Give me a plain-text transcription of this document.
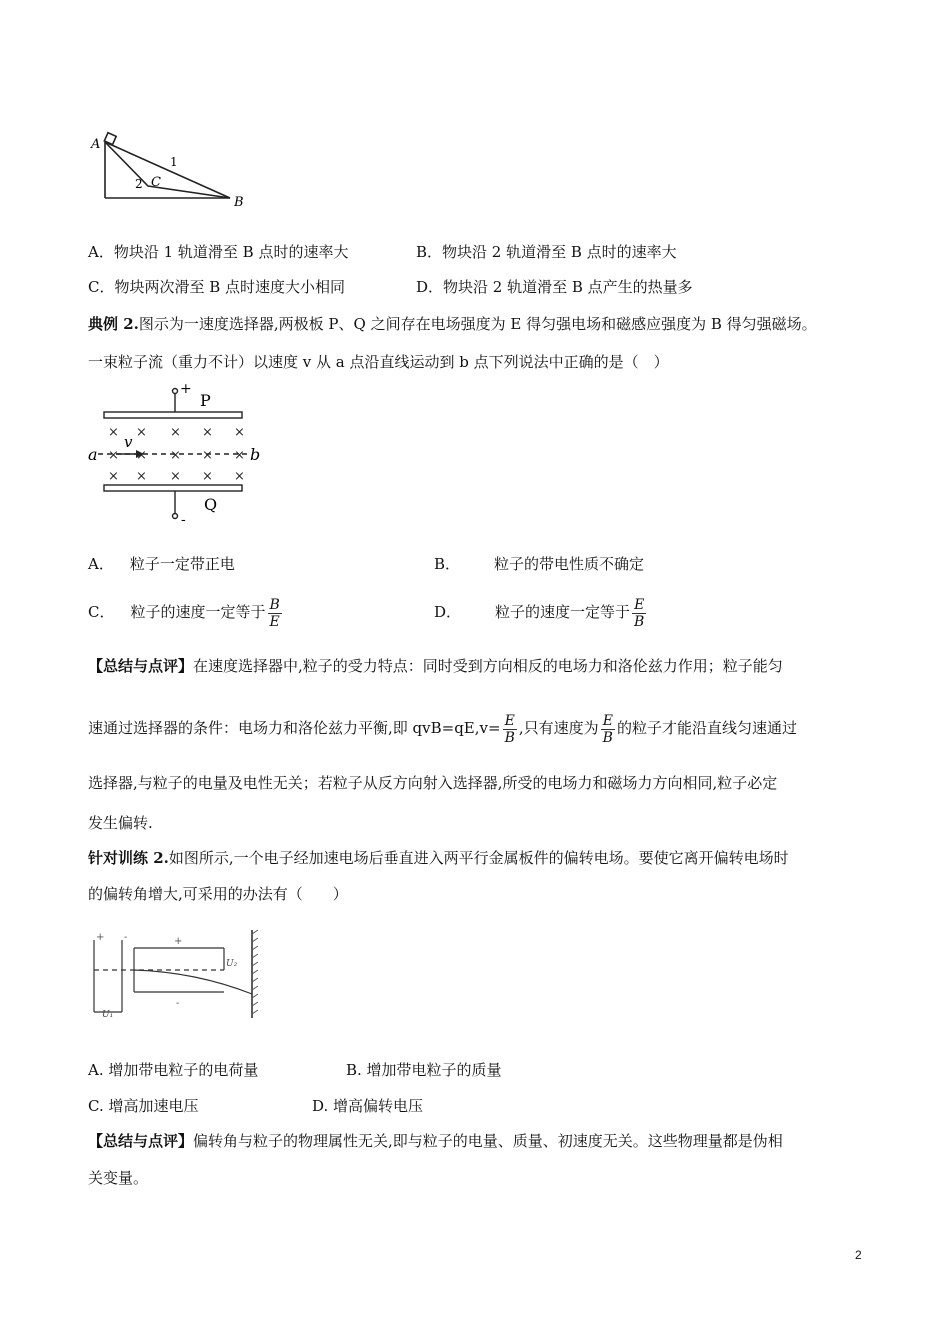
A
B
C
1
2
A．物块沿 1 轨道滑至 B 点时的速率大	B．物块沿 2 轨道滑至 B 点时的速率大
C．物块两次滑至 B 点时速度大小相同	D．物块沿 2 轨道滑至 B 点产生的热量多
典例 2.图示为一速度选择器,两极板 P、Q 之间存在电场强度为 E 得匀强电场和磁感应强度为 B 得匀强磁场。
一束粒子流（重力不计）以速度 v 从 a 点沿直线运动到 b 点下列说法中正确的是（　）
× × × × ×
× × × × ×
× × × × ×
+
-
P
Q
a	b
v
A． 粒子一定带正电	B． 粒子的带电性质不确定
C． 粒子的速度一定等于 $\frac{B}{E}$	D． 粒子的速度一定等于 $\frac{E}{B}$
【总结与点评】在速度选择器中,粒子的受力特点：同时受到方向相反的电场力和洛伦兹力作用；粒子能匀
速通过选择器的条件：电场力和洛伦兹力平衡,即 $qvB=qE,v= \frac{E}{B}$ ,只有速度为 $\frac{E}{B}$ 的粒子才能沿直线匀速通过
选择器,与粒子的电量及电性无关；若粒子从反方向射入选择器,所受的电场力和磁场力方向相同,粒子必定
发生偏转.
针对训练 2.如图所示,一个电子经加速电场后垂直进入两平行金属板件的偏转电场。要使它离开偏转电场时
的偏转角增大,可采用的办法有（　　）
+ -	+
-
U₁
U₂
A. 增加带电粒子的电荷量	B. 增加带电粒子的质量
C. 增高加速电压	D. 增高偏转电压
【总结与点评】偏转角与粒子的物理属性无关,即与粒子的电量、质量、初速度无关。这些物理量都是伪相
关变量。
2
